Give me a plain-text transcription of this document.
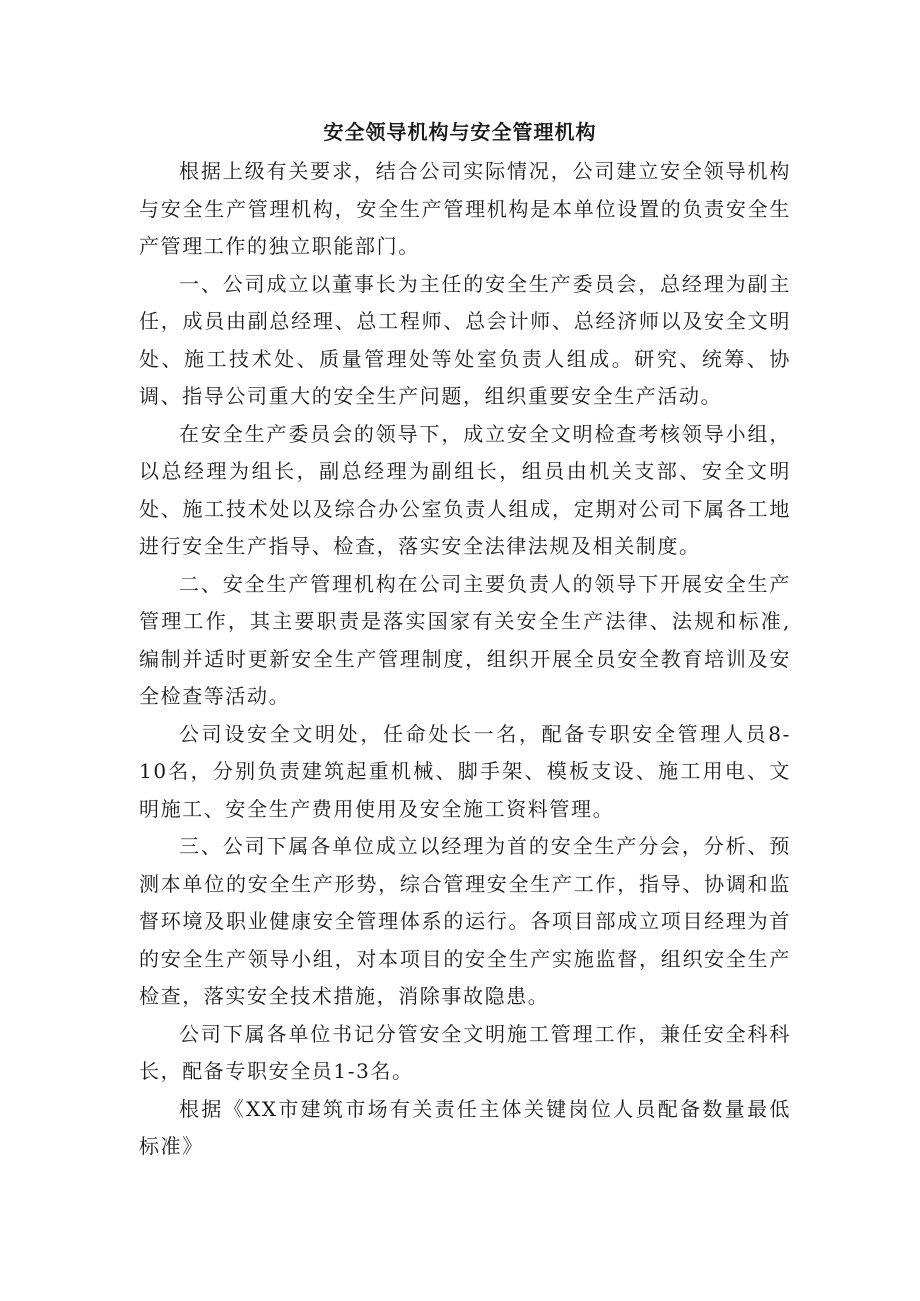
安全领导机构与安全管理机构

根据上级有关要求，结合公司实际情况，公司建立安全领导机构与安全生产管理机构，安全生产管理机构是本单位设置的负责安全生产管理工作的独立职能部门。

一、公司成立以董事长为主任的安全生产委员会，总经理为副主任，成员由副总经理、总工程师、总会计师、总经济师以及安全文明处、施工技术处、质量管理处等处室负责人组成。研究、统筹、协调、指导公司重大的安全生产问题，组织重要安全生产活动。

在安全生产委员会的领导下，成立安全文明检查考核领导小组，以总经理为组长，副总经理为副组长，组员由机关支部、安全文明处、施工技术处以及综合办公室负责人组成，定期对公司下属各工地进行安全生产指导、检查，落实安全法律法规及相关制度。

二、安全生产管理机构在公司主要负责人的领导下开展安全生产管理工作，其主要职责是落实国家有关安全生产法律、法规和标准,编制并适时更新安全生产管理制度，组织开展全员安全教育培训及安全检查等活动。

公司设安全文明处，任命处长一名，配备专职安全管理人员8-10名，分别负责建筑起重机械、脚手架、模板支设、施工用电、文明施工、安全生产费用使用及安全施工资料管理。

三、公司下属各单位成立以经理为首的安全生产分会，分析、预测本单位的安全生产形势，综合管理安全生产工作，指导、协调和监督环境及职业健康安全管理体系的运行。各项目部成立项目经理为首的安全生产领导小组，对本项目的安全生产实施监督，组织安全生产检查，落实安全技术措施，消除事故隐患。

公司下属各单位书记分管安全文明施工管理工作，兼任安全科科长，配备专职安全员1-3名。

根据《XX市建筑市场有关责任主体关键岗位人员配备数量最低标准》
